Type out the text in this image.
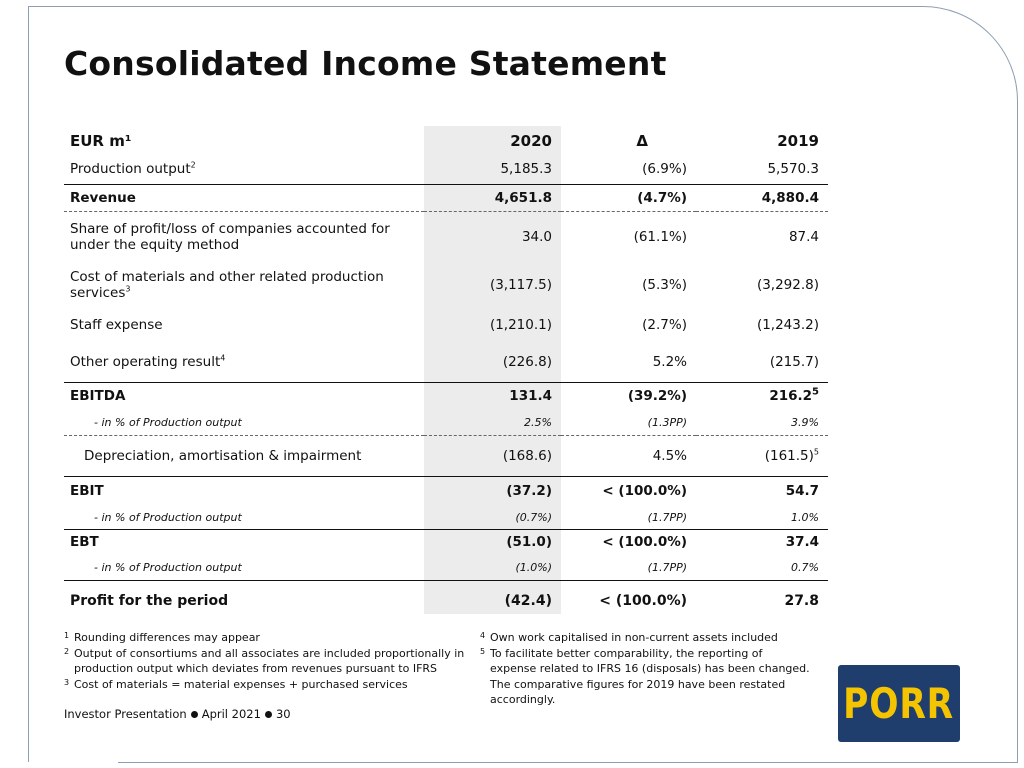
Consolidated Income Statement
EUR m¹	2020	Δ	2019
Production output$^2$	5,185.3	(6.9%)	5,570.3
Revenue	4,651.8	(4.7%)	4,880.4
Share of profit/loss of companies accounted for
under the equity method	34.0	(61.1%)	87.4
Cost of materials and other related production
services$^3$	(3,117.5)	(5.3%)	(3,292.8)
Staff expense	(1,210.1)	(2.7%)	(1,243.2)
Other operating result$^4$	(226.8)	5.2%	(215.7)
EBITDA	131.4	(39.2%)	216.2$^5$
- in % of Production output	2.5%	(1.3PP)	3.9%
Depreciation, amortisation & impairment	(168.6)	4.5%	$(161.5)^5$
EBIT	(37.2)	< (100.0%)	54.7
- in % of Production output	(0.7%)	(1.7PP)	1.0%
EBT	(51.0)	< (100.0%)	37.4
- in % of Production output	(1.0%)	(1.7PP)	0.7%
Profit for the period	(42.4)	< (100.0%)	27.8
1 Rounding differences may appear
2 Output of consortiums and all associates are included proportionally in production output which deviates from revenues pursuant to IFRS
3 Cost of materials = material expenses + purchased services
4 Own work capitalised in non-current assets included
5 To facilitate better comparability, the reporting of expense related to IFRS 16 (disposals) has been changed. The comparative figures for 2019 have been restated accordingly.
Investor Presentation April 2021 30	PORR
